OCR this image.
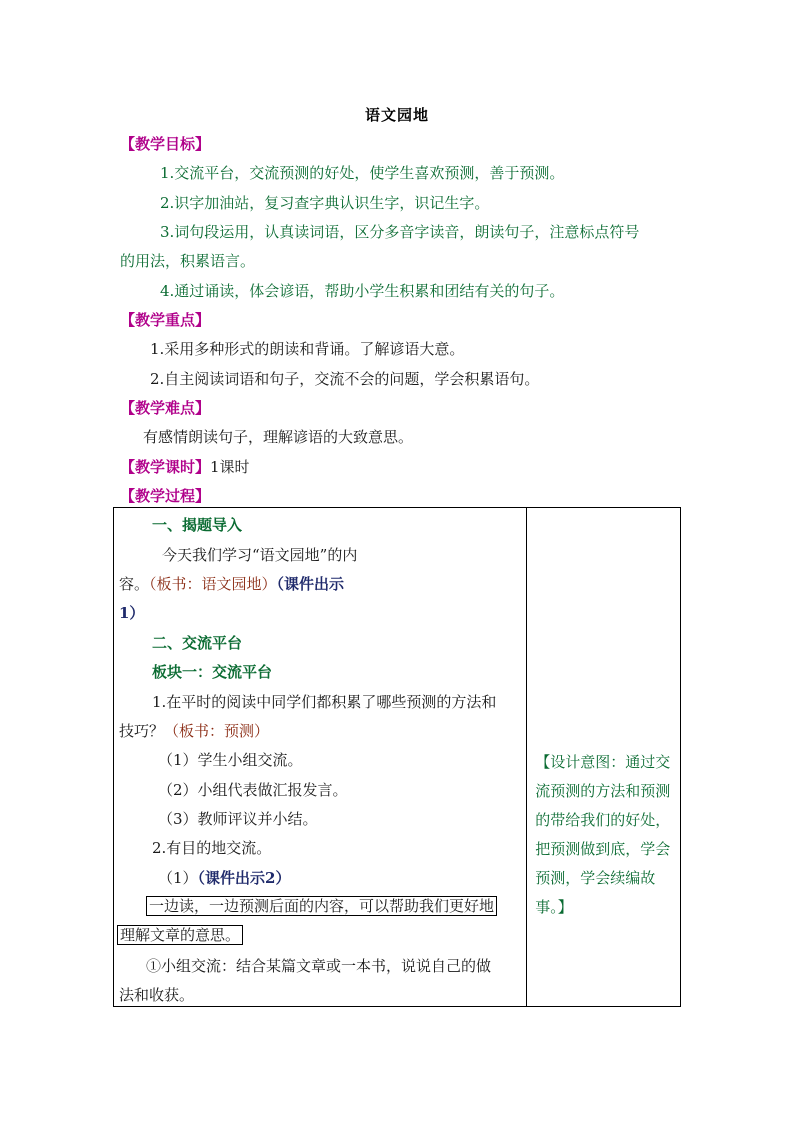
语文园地
【教学目标】
1.交流平台，交流预测的好处，使学生喜欢预测，善于预测。
2.识字加油站，复习查字典认识生字，识记生字。
3.词句段运用，认真读词语，区分多音字读音，朗读句子，注意标点符号
的用法，积累语言。
4.通过诵读，体会谚语，帮助小学生积累和团结有关的句子。
【教学重点】
1.采用多种形式的朗读和背诵。了解谚语大意。
2.自主阅读词语和句子，交流不会的问题，学会积累语句。
【教学难点】
有感情朗读句子，理解谚语的大致意思。
【教学课时】1课时
【教学过程】
一、揭题导入
今天我们学习“语文园地”的内
容。（板书：语文园地）（课件出示
1）
二、交流平台
板块一：交流平台
1.在平时的阅读中同学们都积累了哪些预测的方法和
技巧？（板书：预测）
（1）学生小组交流。
（2）小组代表做汇报发言。
（3）教师评议并小结。
2.有目的地交流。
（1）（课件出示2）
一边读，一边预测后面的内容，可以帮助我们更好地
理解文章的意思。
①小组交流：结合某篇文章或一本书，说说自己的做
法和收获。

【设计意图：通过交流预测的方法和预测的带给我们的好处，把预测做到底，学会预测，学会续编故事。】
